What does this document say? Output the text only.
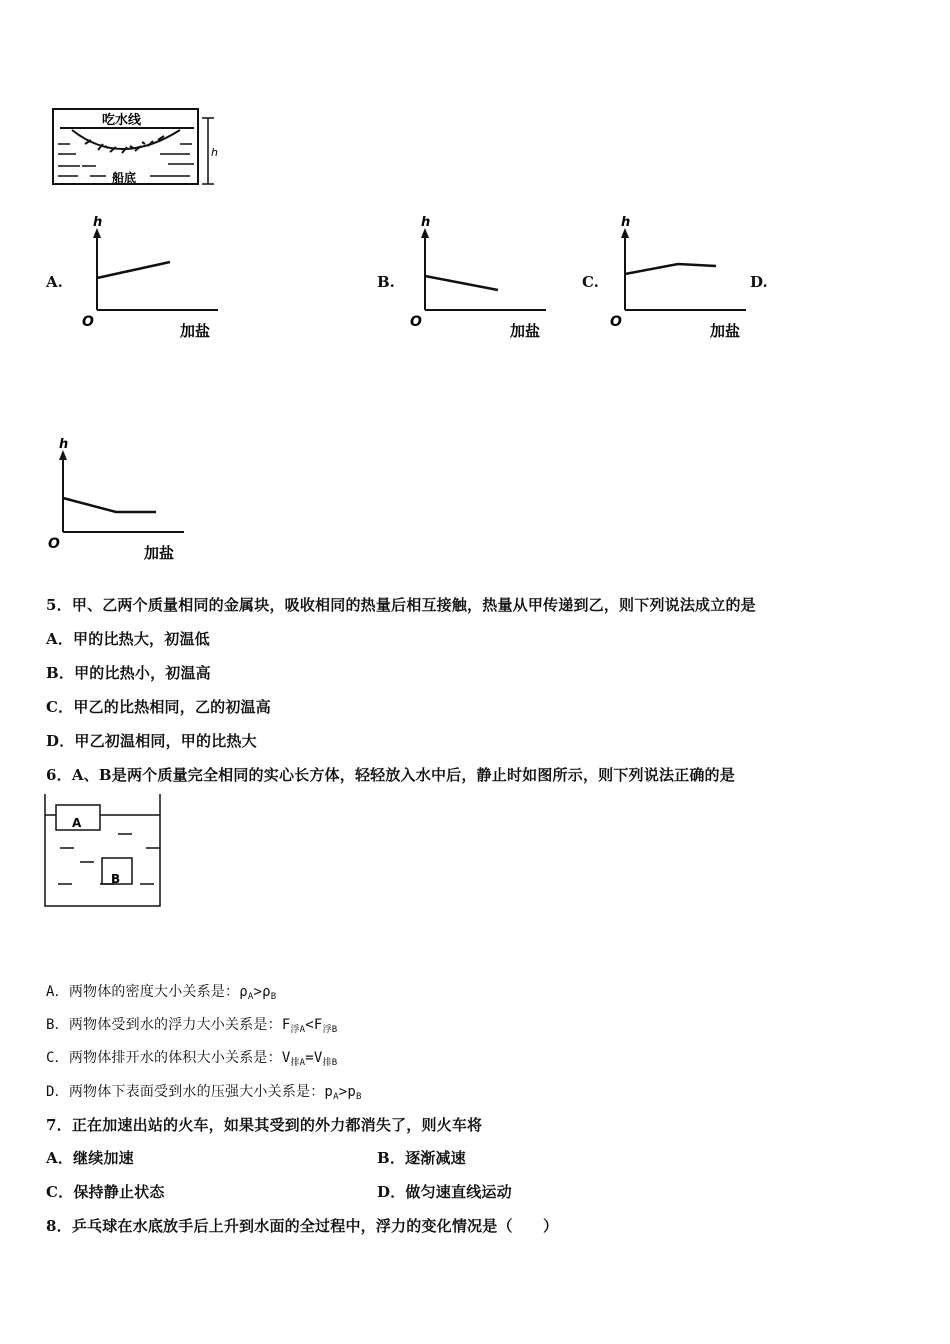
吃水线
船底
h
A.	B.	C.	D.
h
O	加盐
h
O	加盐
h
O	加盐
h
O	加盐
5．甲、乙两个质量相同的金属块，吸收相同的热量后相互接触，热量从甲传递到乙，则下列说法成立的是
A．甲的比热大，初温低
B．甲的比热小，初温高
C．甲乙的比热相同，乙的初温高
D．甲乙初温相同，甲的比热大
6．A、B是两个质量完全相同的实心长方体，轻轻放入水中后，静止时如图所示，则下列说法正确的是
A
B
A．两物体的密度大小关系是：$\rho_A>\rho_B$
B．两物体受到水的浮力大小关系是：$F_{浮A}<F_{浮B}$
C．两物体排开水的体积大小关系是：$V_{排A}=V_{排B}$
D．两物体下表面受到水的压强大小关系是：$p_A>p_B$
7．正在加速出站的火车，如果其受到的外力都消失了，则火车将
A．继续加速	B．逐渐减速
C．保持静止状态	D．做匀速直线运动
8．乒乓球在水底放手后上升到水面的全过程中，浮力的变化情况是（　　）
